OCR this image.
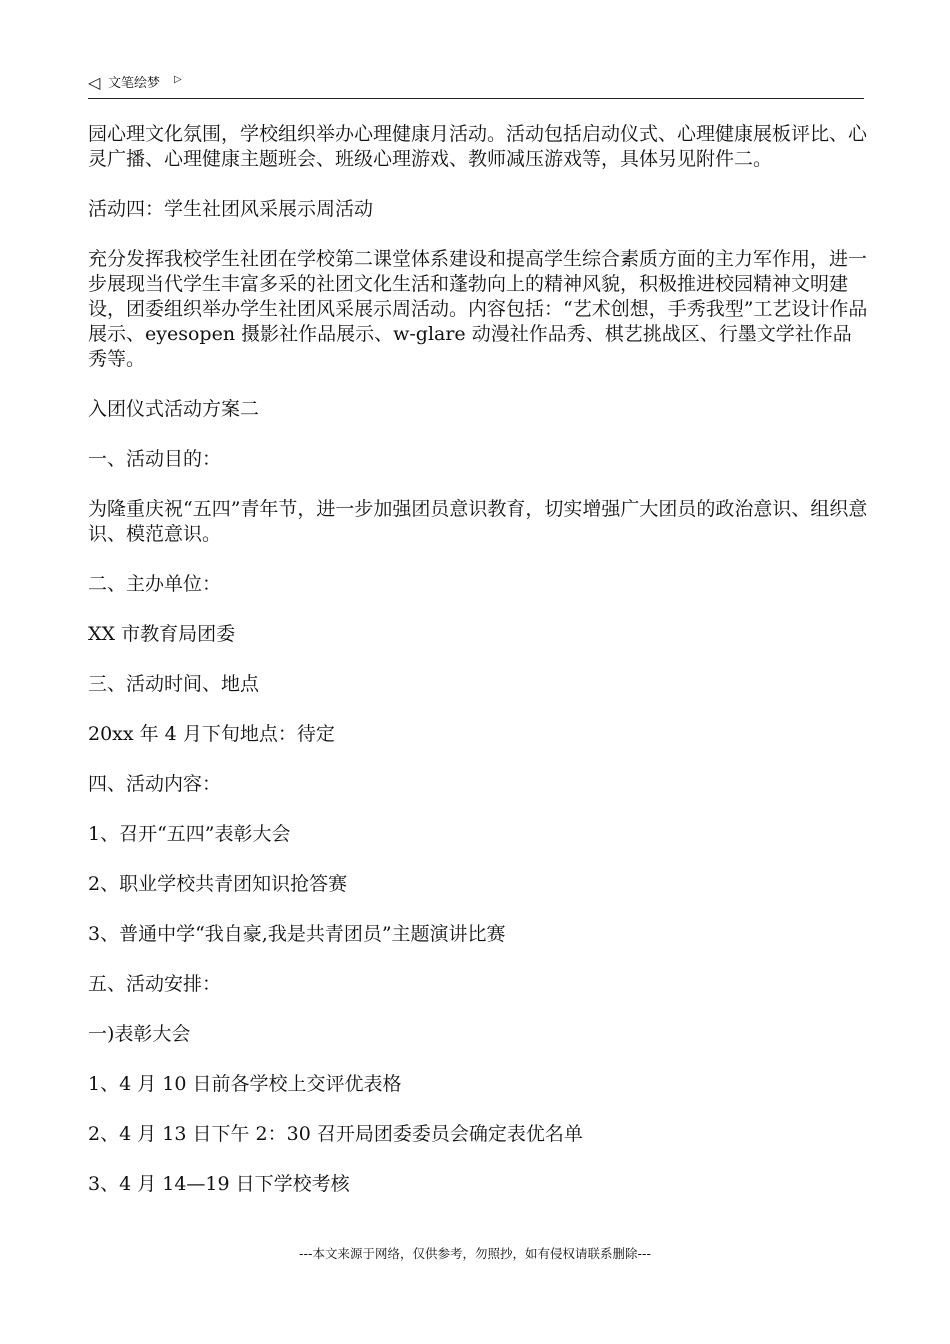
◁ 文笔绘梦 ▷

园心理文化氛围，学校组织举办心理健康月活动。活动包括启动仪式、心理健康展板评比、心灵广播、心理健康主题班会、班级心理游戏、教师减压游戏等，具体另见附件二。

活动四：学生社团风采展示周活动

充分发挥我校学生社团在学校第二课堂体系建设和提高学生综合素质方面的主力军作用，进一步展现当代学生丰富多采的社团文化生活和蓬勃向上的精神风貌，积极推进校园精神文明建设，团委组织举办学生社团风采展示周活动。内容包括：“艺术创想，手秀我型”工艺设计作品展示、eyesopen 摄影社作品展示、w-glare 动漫社作品秀、棋艺挑战区、行墨文学社作品秀等。

入团仪式活动方案二

一、活动目的：

为隆重庆祝“五四”青年节，进一步加强团员意识教育，切实增强广大团员的政治意识、组织意识、模范意识。

二、主办单位：

XX 市教育局团委

三、活动时间、地点

20xx 年 4 月下旬地点：待定

四、活动内容：

1、召开“五四”表彰大会

2、职业学校共青团知识抢答赛

3、普通中学“我自豪,我是共青团员”主题演讲比赛

五、活动安排：

一)表彰大会

1、4 月 10 日前各学校上交评优表格

2、4 月 13 日下午 2：30 召开局团委委员会确定表优名单

3、4 月 14—19 日下学校考核

---本文来源于网络，仅供参考，勿照抄，如有侵权请联系删除---
